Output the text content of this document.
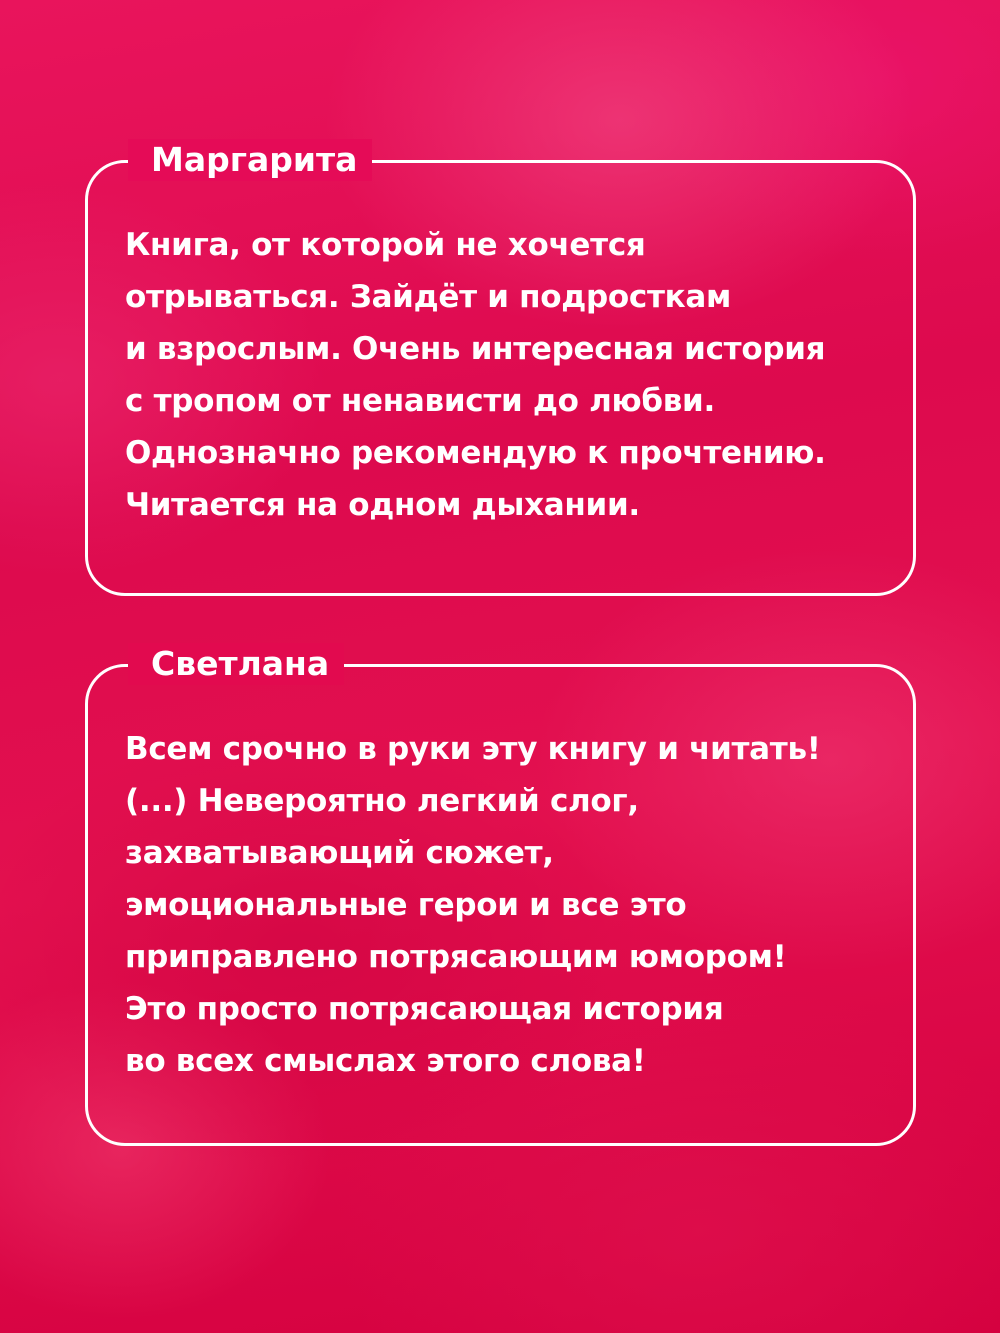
Маргарита

Книга, от которой не хочется
отрываться. Зайдёт и подросткам
и взрослым. Очень интересная история
с тропом от ненависти до любви.
Однозначно рекомендую к прочтению.
Читается на одном дыхании.

Светлана

Всем срочно в руки эту книгу и читать!
(...) Невероятно легкий слог,
захватывающий сюжет,
эмоциональные герои и все это
приправлено потрясающим юмором!
Это просто потрясающая история
во всех смыслах этого слова!
